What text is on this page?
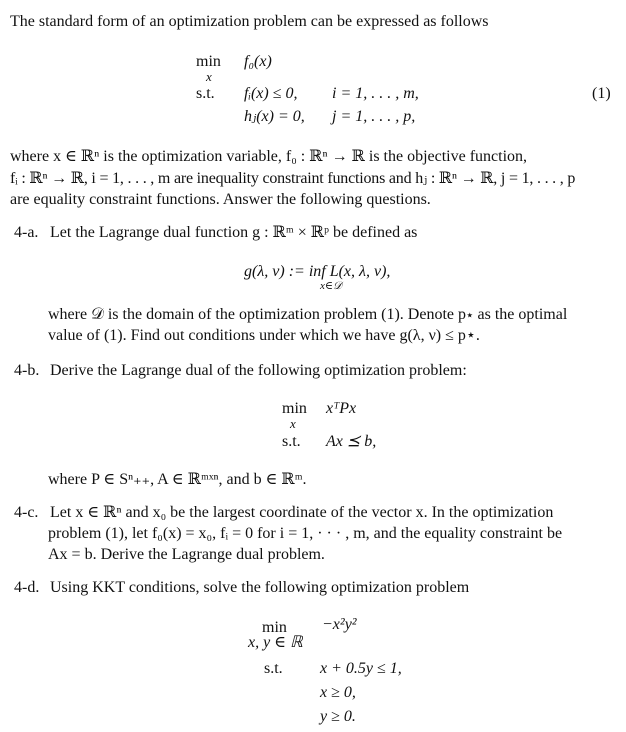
The standard form of an optimization problem can be expressed as follows
min
x
f₀(x)
s.t. fᵢ(x) ≤ 0, i = 1, . . . , m,
hⱼ(x) = 0, j = 1, . . . , p,
(1)
where x ∈ ℝⁿ is the optimization variable, f₀ : ℝⁿ → ℝ is the objective function,
fᵢ : ℝⁿ → ℝ, i = 1, . . . , m are inequality constraint functions and hⱼ : ℝⁿ → ℝ, j = 1, . . . , p
are equality constraint functions. Answer the following questions.
4-a. Let the Lagrange dual function g : ℝᵐ × ℝᵖ be defined as
g(λ, ν) := inf L(x, λ, ν),
x∈𝒟
where 𝒟 is the domain of the optimization problem (1). Denote p⋆ as the optimal
value of (1). Find out conditions under which we have g(λ, ν) ≤ p⋆.
4-b. Derive the Lagrange dual of the following optimization problem:
min
x
xᵀPx
s.t. Ax ⪯ b,
where P ∈ Sⁿ₊₊, A ∈ ℝᵐˣⁿ, and b ∈ ℝᵐ.
4-c. Let x ∈ ℝⁿ and x₀ be the largest coordinate of the vector x. In the optimization
problem (1), let f₀(x) = x₀, fᵢ = 0 for i = 1, · · · , m, and the equality constraint be
Ax = b. Derive the Lagrange dual problem.
4-d. Using KKT conditions, solve the following optimization problem
min
x, y ∈ ℝ
−x²y²
s.t. x + 0.5y ≤ 1,
x ≥ 0,
y ≥ 0.
